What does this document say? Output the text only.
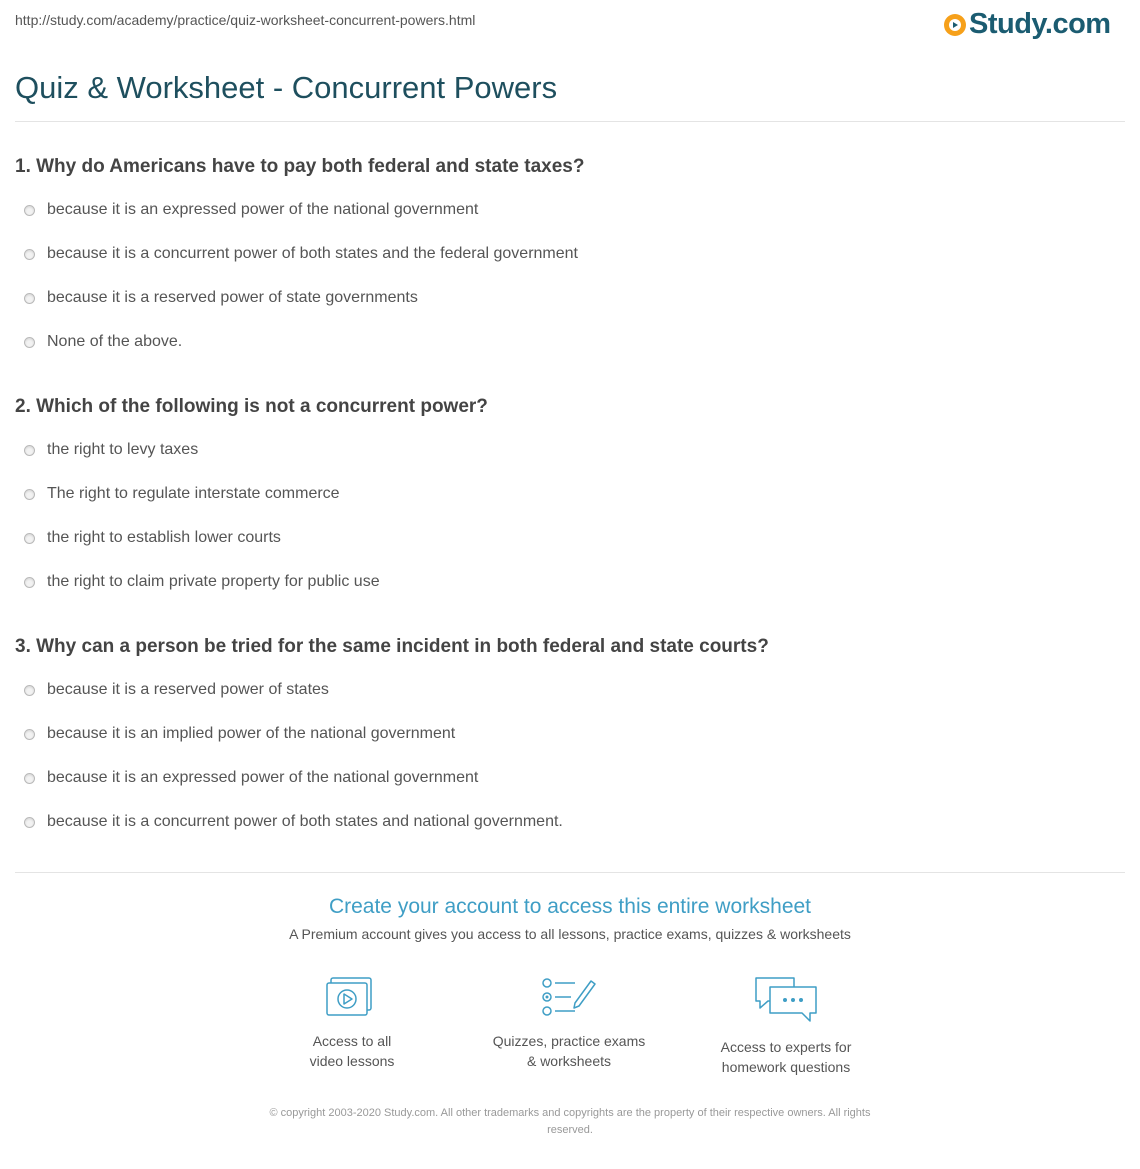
http://study.com/academy/practice/quiz-worksheet-concurrent-powers.html	Study.com
Quiz & Worksheet - Concurrent Powers
1. Why do Americans have to pay both federal and state taxes?
because it is an expressed power of the national government
because it is a concurrent power of both states and the federal government
because it is a reserved power of state governments
None of the above.
2. Which of the following is not a concurrent power?
the right to levy taxes
The right to regulate interstate commerce
the right to establish lower courts
the right to claim private property for public use
3. Why can a person be tried for the same incident in both federal and state courts?
because it is a reserved power of states
because it is an implied power of the national government
because it is an expressed power of the national government
because it is a concurrent power of both states and national government.
Create your account to access this entire worksheet
A Premium account gives you access to all lessons, practice exams, quizzes & worksheets
Access to all
video lessons
Quizzes, practice exams
& worksheets
Access to experts for
homework questions
© copyright 2003-2020 Study.com. All other trademarks and copyrights are the property of their respective owners. All rights
reserved.
